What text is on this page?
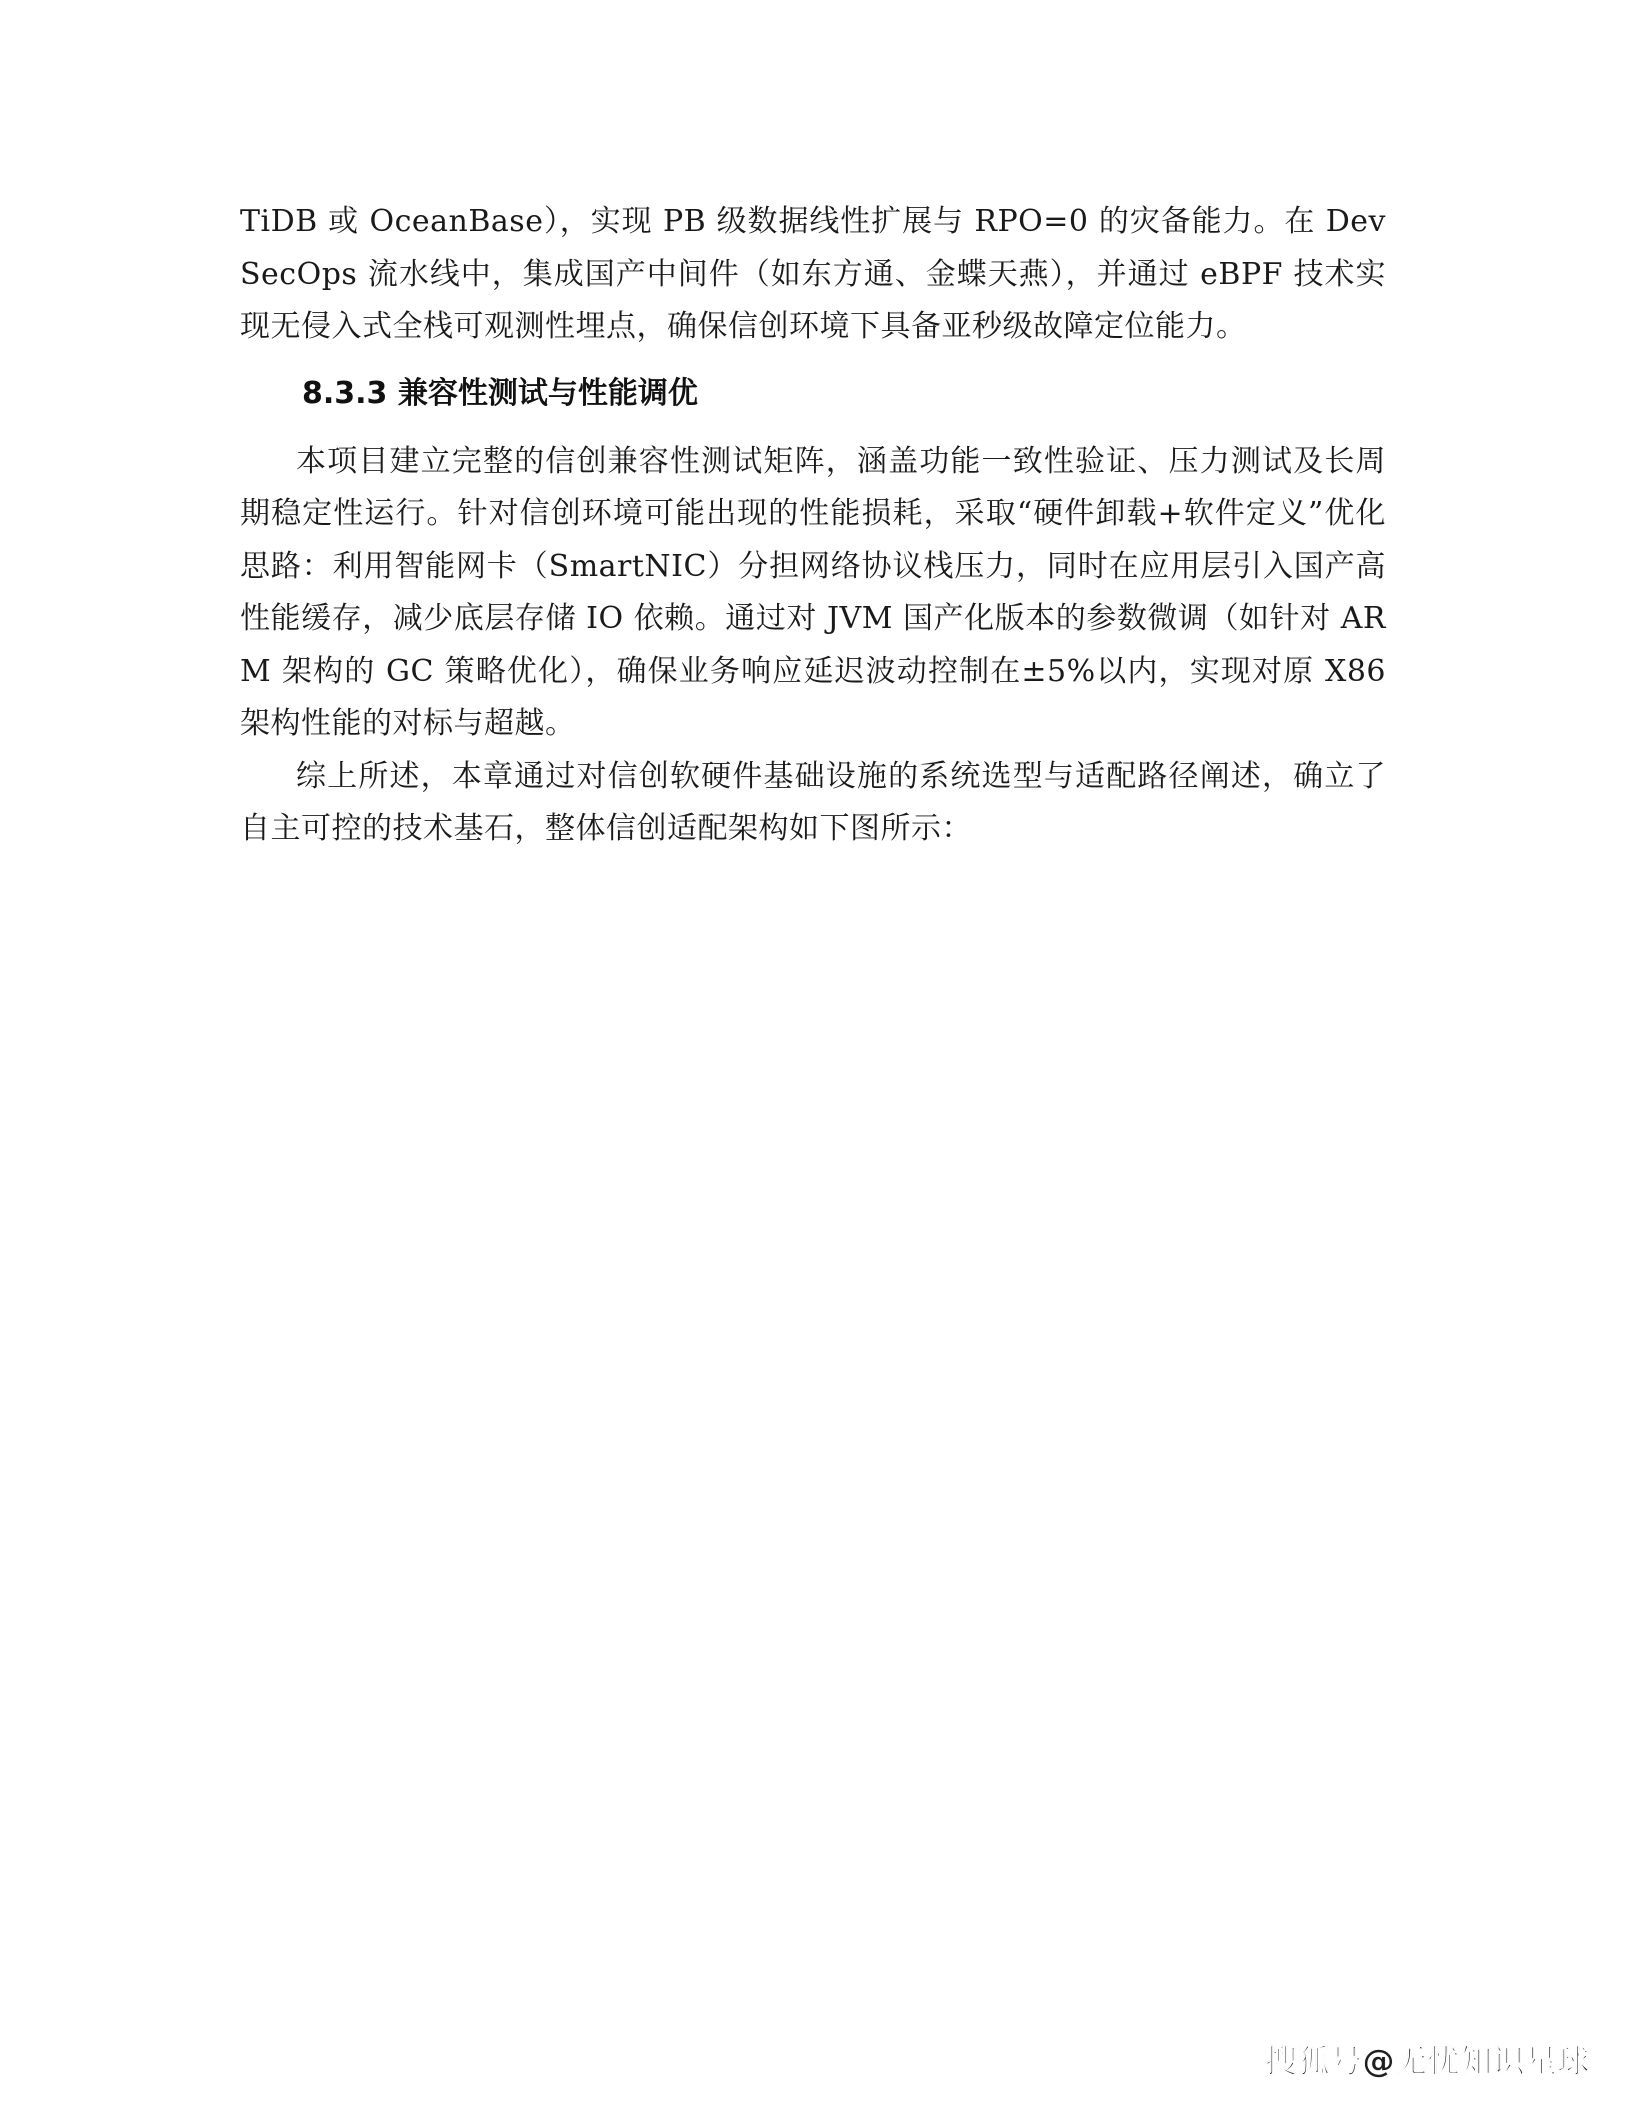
TiDB 或 OceanBase），实现 PB 级数据线性扩展与 RPO=0 的灾备能力。在 DevSecOps 流水线中，集成国产中间件（如东方通、金蝶天燕），并通过 eBPF 技术实现无侵入式全栈可观测性埋点，确保信创环境下具备亚秒级故障定位能力。

8.3.3 兼容性测试与性能调优

本项目建立完整的信创兼容性测试矩阵，涵盖功能一致性验证、压力测试及长周期稳定性运行。针对信创环境可能出现的性能损耗，采取“硬件卸载+软件定义”优化思路：利用智能网卡（SmartNIC）分担网络协议栈压力，同时在应用层引入国产高性能缓存，减少底层存储 IO 依赖。通过对 JVM 国产化版本的参数微调（如针对 ARM 架构的 GC 策略优化），确保业务响应延迟波动控制在±5%以内，实现对原 X86 架构性能的对标与超越。

综上所述，本章通过对信创软硬件基础设施的系统选型与适配路径阐述，确立了自主可控的技术基石，整体信创适配架构如下图所示：

搜狐号@无忧知识星球
